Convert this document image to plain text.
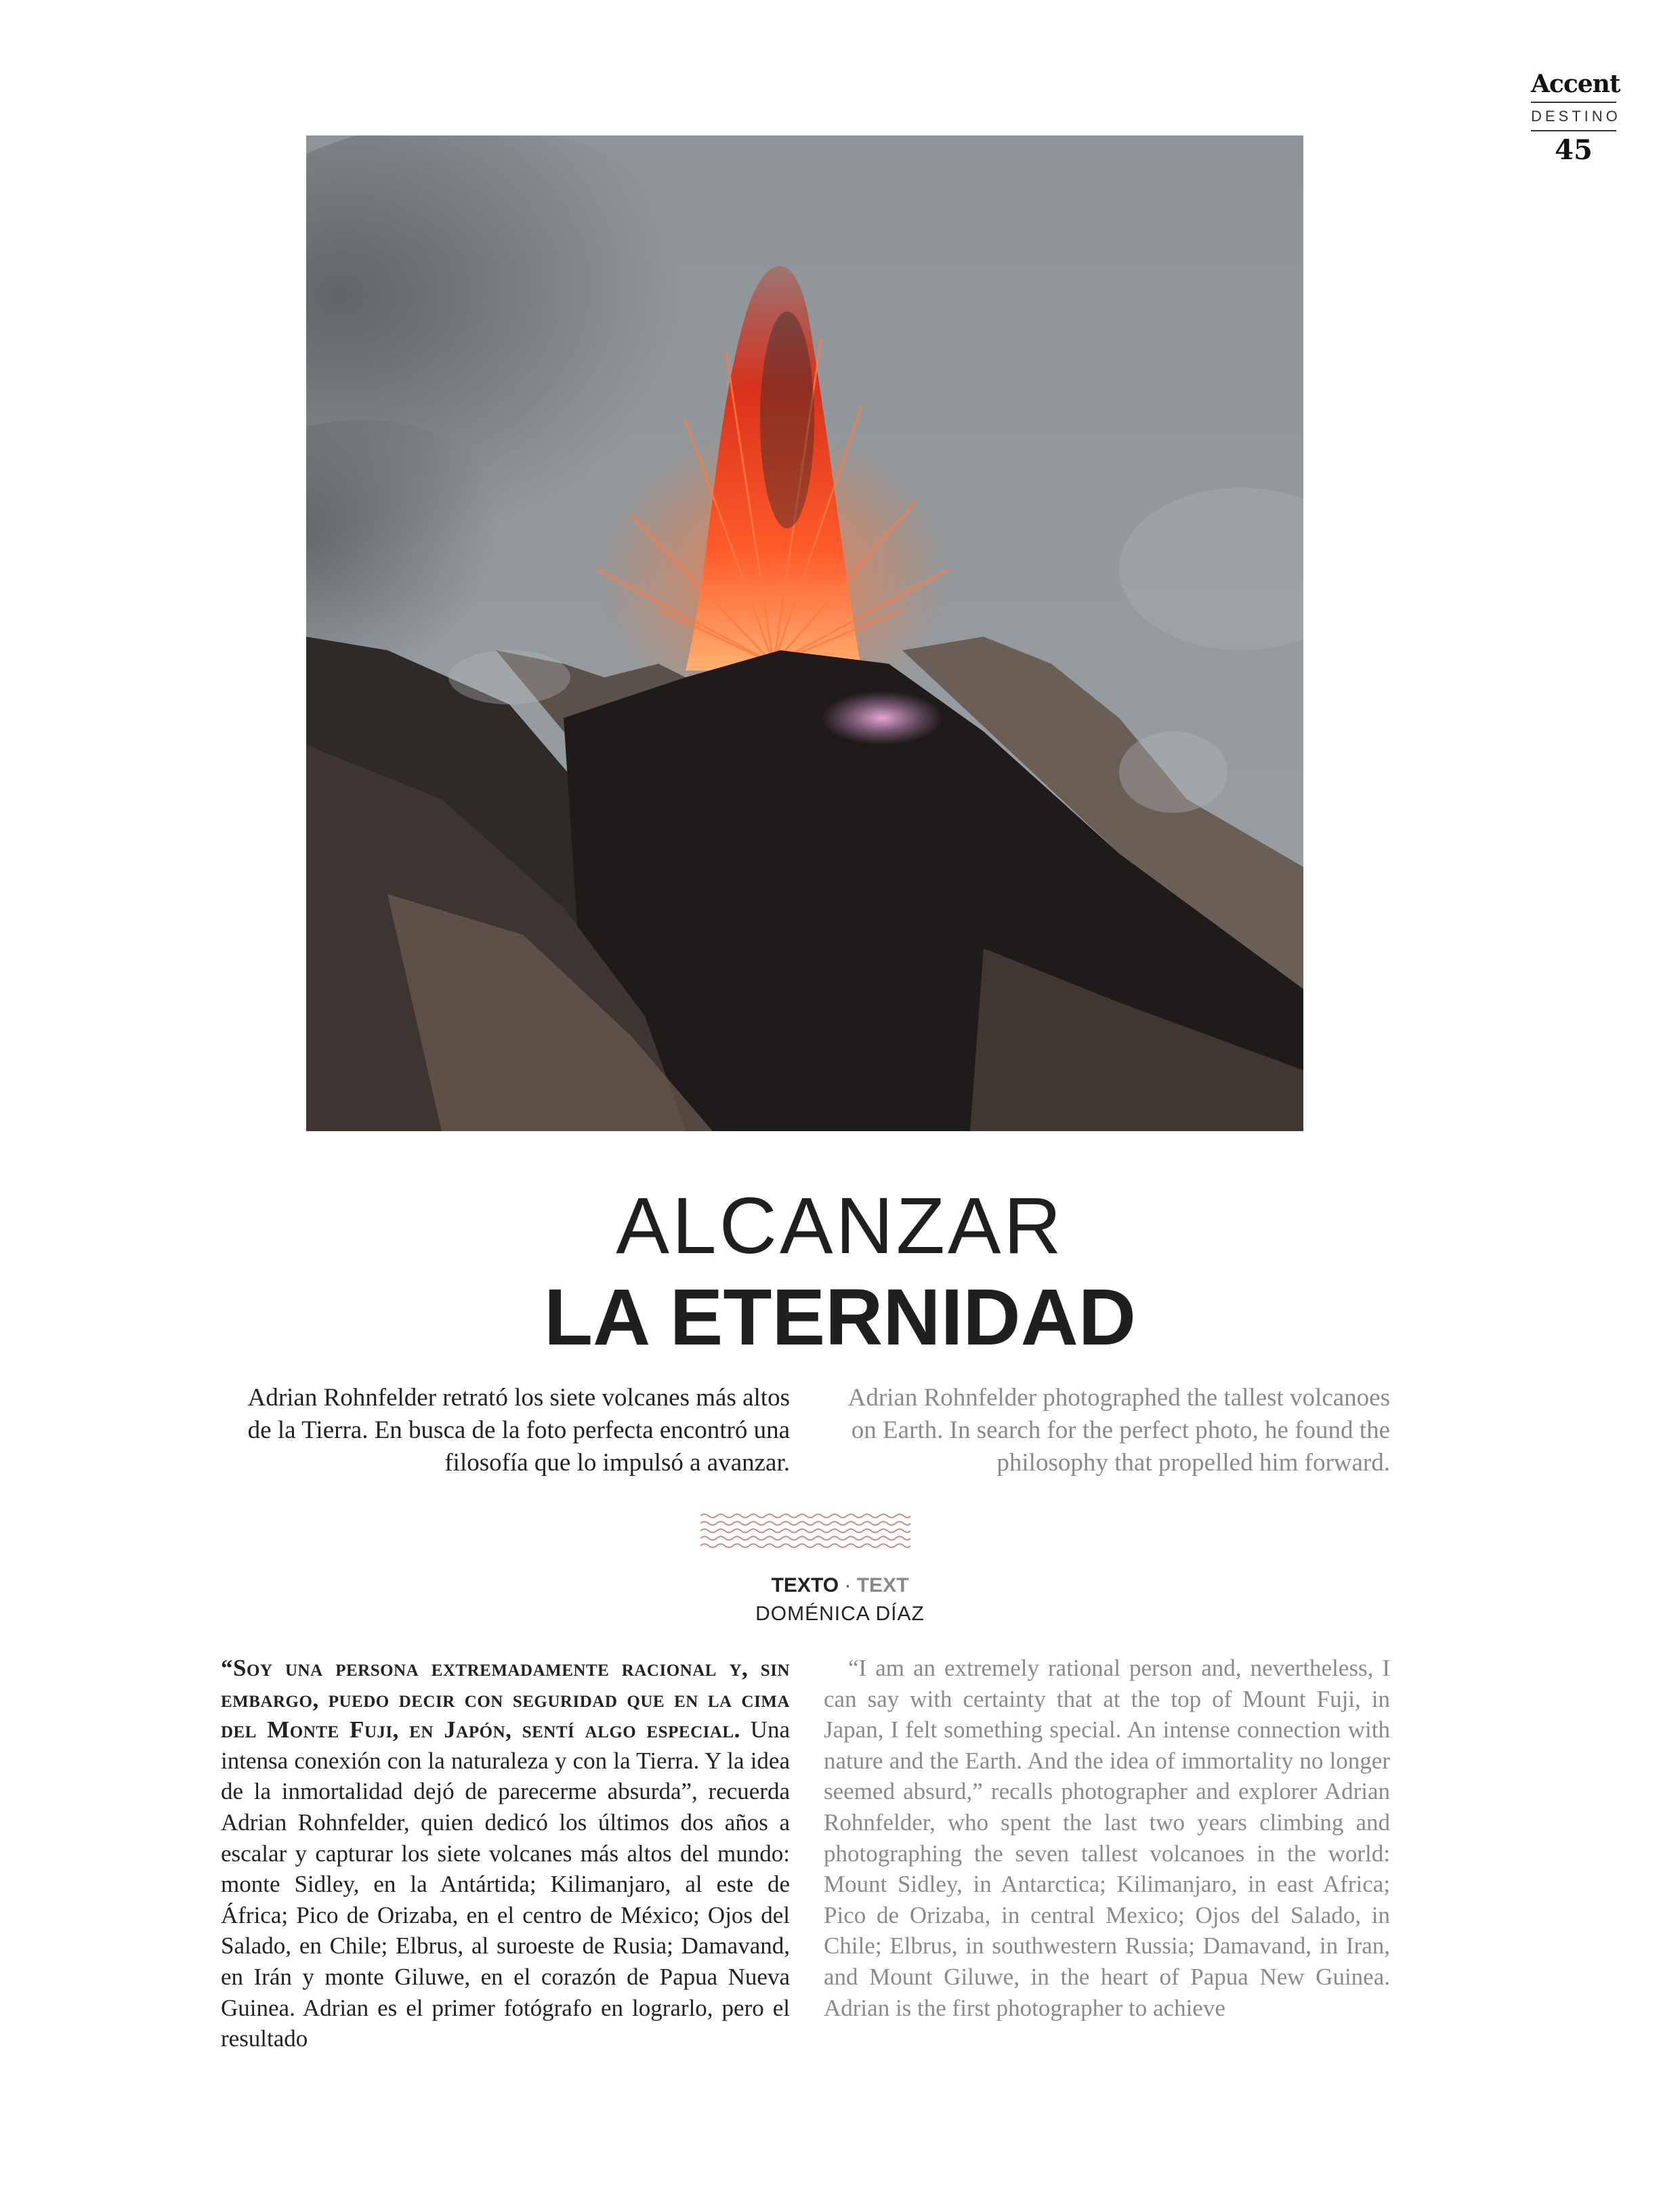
Accent
DESTINO
45
ALCANZAR
LA ETERNIDAD
Adrian Rohnfelder retrató los siete volcanes más altos de la Tierra. En busca de la foto perfecta encontró una filosofía que lo impulsó a avanzar.
Adrian Rohnfelder photographed the tallest volcanoes on Earth. In search for the perfect photo, he found the philosophy that propelled him forward.
TEXTO · TEXT
DOMÉNICA DÍAZ
“Soy una persona extremadamente racional y, sin embargo, puedo decir con seguridad que en la cima del Monte Fuji, en Japón, sentí algo especial. Una intensa conexión con la naturaleza y con la Tierra. Y la idea de la inmortalidad dejó de parecerme absurda”, recuerda Adrian Rohnfelder, quien dedicó los últimos dos años a escalar y capturar los siete volcanes más altos del mundo: monte Sidley, en la Antártida; Kilimanjaro, al este de África; Pico de Orizaba, en el centro de México; Ojos del Salado, en Chile; Elbrus, al suroeste de Rusia; Damavand, en Irán y monte Giluwe, en el corazón de Papua Nueva Guinea. Adrian es el primer fotógrafo en lograrlo, pero el resultado
“I am an extremely rational person and, nevertheless, I can say with certainty that at the top of Mount Fuji, in Japan, I felt something special. An intense connection with nature and the Earth. And the idea of immortality no longer seemed absurd,” recalls photographer and explorer Adrian Rohnfelder, who spent the last two years climbing and photographing the seven tallest volcanoes in the world: Mount Sidley, in Antarctica; Kilimanjaro, in east Africa; Pico de Orizaba, in central Mexico; Ojos del Salado, in Chile; Elbrus, in southwestern Russia; Damavand, in Iran, and Mount Giluwe, in the heart of Papua New Guinea. Adrian is the first photographer to achieve
